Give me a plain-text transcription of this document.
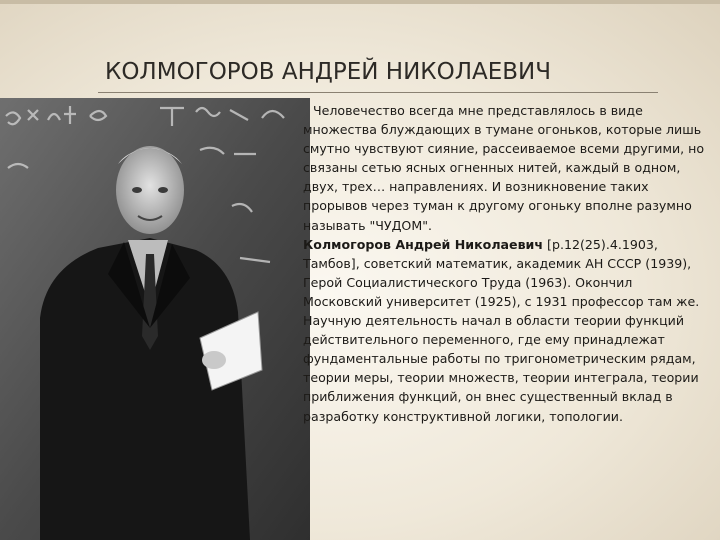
КОЛМОГОРОВ АНДРЕЙ НИКОЛАЕВИЧ

Человечество всегда мне представлялось в виде множества блуждающих в тумане огоньков, которые лишь смутно чувствуют сияние, рассеиваемое всеми другими, но связаны сетью ясных огненных нитей, каждый в одном, двух, трех… направлениях. И возникновение таких прорывов через туман к другому огоньку вполне разумно называть "ЧУДОМ".

Колмогоров Андрей Николаевич [р.12(25).4.1903, Тамбов], советский математик, академик АН СССР (1939), Герой Социалистического Труда (1963). Окончил Московский университет (1925), с 1931 профессор там же. Научную деятельность начал в области теории функций действительного переменного, где ему принадлежат фундаментальные работы по тригонометрическим рядам, теории меры, теории множеств, теории интеграла, теории приближения функций, он внес существенный вклад в разработку конструктивной логики, топологии.
